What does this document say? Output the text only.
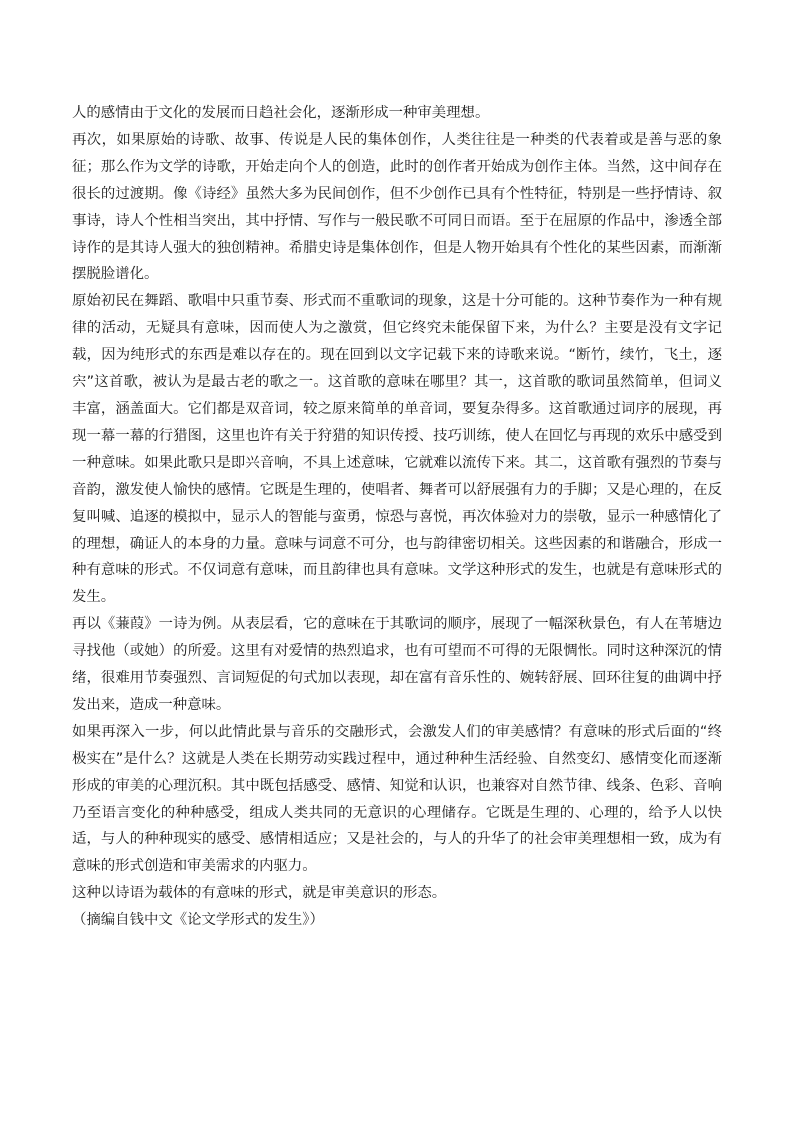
人的感情由于文化的发展而日趋社会化，逐渐形成一种审美理想。

再次，如果原始的诗歌、故事、传说是人民的集体创作，人类往往是一种类的代表着或是善与恶的象征；那么作为文学的诗歌，开始走向个人的创造，此时的创作者开始成为创作主体。当然，这中间存在很长的过渡期。像《诗经》虽然大多为民间创作，但不少创作已具有个性特征，特别是一些抒情诗、叙事诗，诗人个性相当突出，其中抒情、写作与一般民歌不可同日而语。至于在屈原的作品中，渗透全部诗作的是其诗人强大的独创精神。希腊史诗是集体创作，但是人物开始具有个性化的某些因素，而渐渐摆脱脸谱化。

原始初民在舞蹈、歌唱中只重节奏、形式而不重歌词的现象，这是十分可能的。这种节奏作为一种有规律的活动，无疑具有意味，因而使人为之激赏，但它终究未能保留下来，为什么？主要是没有文字记载，因为纯形式的东西是难以存在的。现在回到以文字记载下来的诗歌来说。“断竹，续竹，飞土，逐宍”这首歌，被认为是最古老的歌之一。这首歌的意味在哪里？其一，这首歌的歌词虽然简单，但词义丰富，涵盖面大。它们都是双音词，较之原来简单的单音词，要复杂得多。这首歌通过词序的展现，再现一幕一幕的行猎图，这里也许有关于狩猎的知识传授、技巧训练，使人在回忆与再现的欢乐中感受到一种意味。如果此歌只是即兴音响，不具上述意味，它就难以流传下来。其二，这首歌有强烈的节奏与音韵，激发使人愉快的感情。它既是生理的，使唱者、舞者可以舒展强有力的手脚；又是心理的，在反复叫喊、追逐的模拟中，显示人的智能与蛮勇，惊恐与喜悦，再次体验对力的崇敬，显示一种感情化了的理想，确证人的本身的力量。意味与词意不可分，也与韵律密切相关。这些因素的和谐融合，形成一种有意味的形式。不仅词意有意味，而且韵律也具有意味。文学这种形式的发生，也就是有意味形式的发生。

再以《蒹葭》一诗为例。从表层看，它的意味在于其歌词的顺序，展现了一幅深秋景色，有人在苇塘边寻找他（或她）的所爱。这里有对爱情的热烈追求，也有可望而不可得的无限惆怅。同时这种深沉的情绪，很难用节奏强烈、言词短促的句式加以表现，却在富有音乐性的、婉转舒展、回环往复的曲调中抒发出来，造成一种意味。

如果再深入一步，何以此情此景与音乐的交融形式，会激发人们的审美感情？有意味的形式后面的“终极实在”是什么？这就是人类在长期劳动实践过程中，通过种种生活经验、自然变幻、感情变化而逐渐形成的审美的心理沉积。其中既包括感受、感情、知觉和认识，也兼容对自然节律、线条、色彩、音响乃至语言变化的种种感受，组成人类共同的无意识的心理储存。它既是生理的、心理的，给予人以快适，与人的种种现实的感受、感情相适应；又是社会的，与人的升华了的社会审美理想相一致，成为有意味的形式创造和审美需求的内驱力。

这种以诗语为载体的有意味的形式，就是审美意识的形态。

（摘编自钱中文《论文学形式的发生》）
